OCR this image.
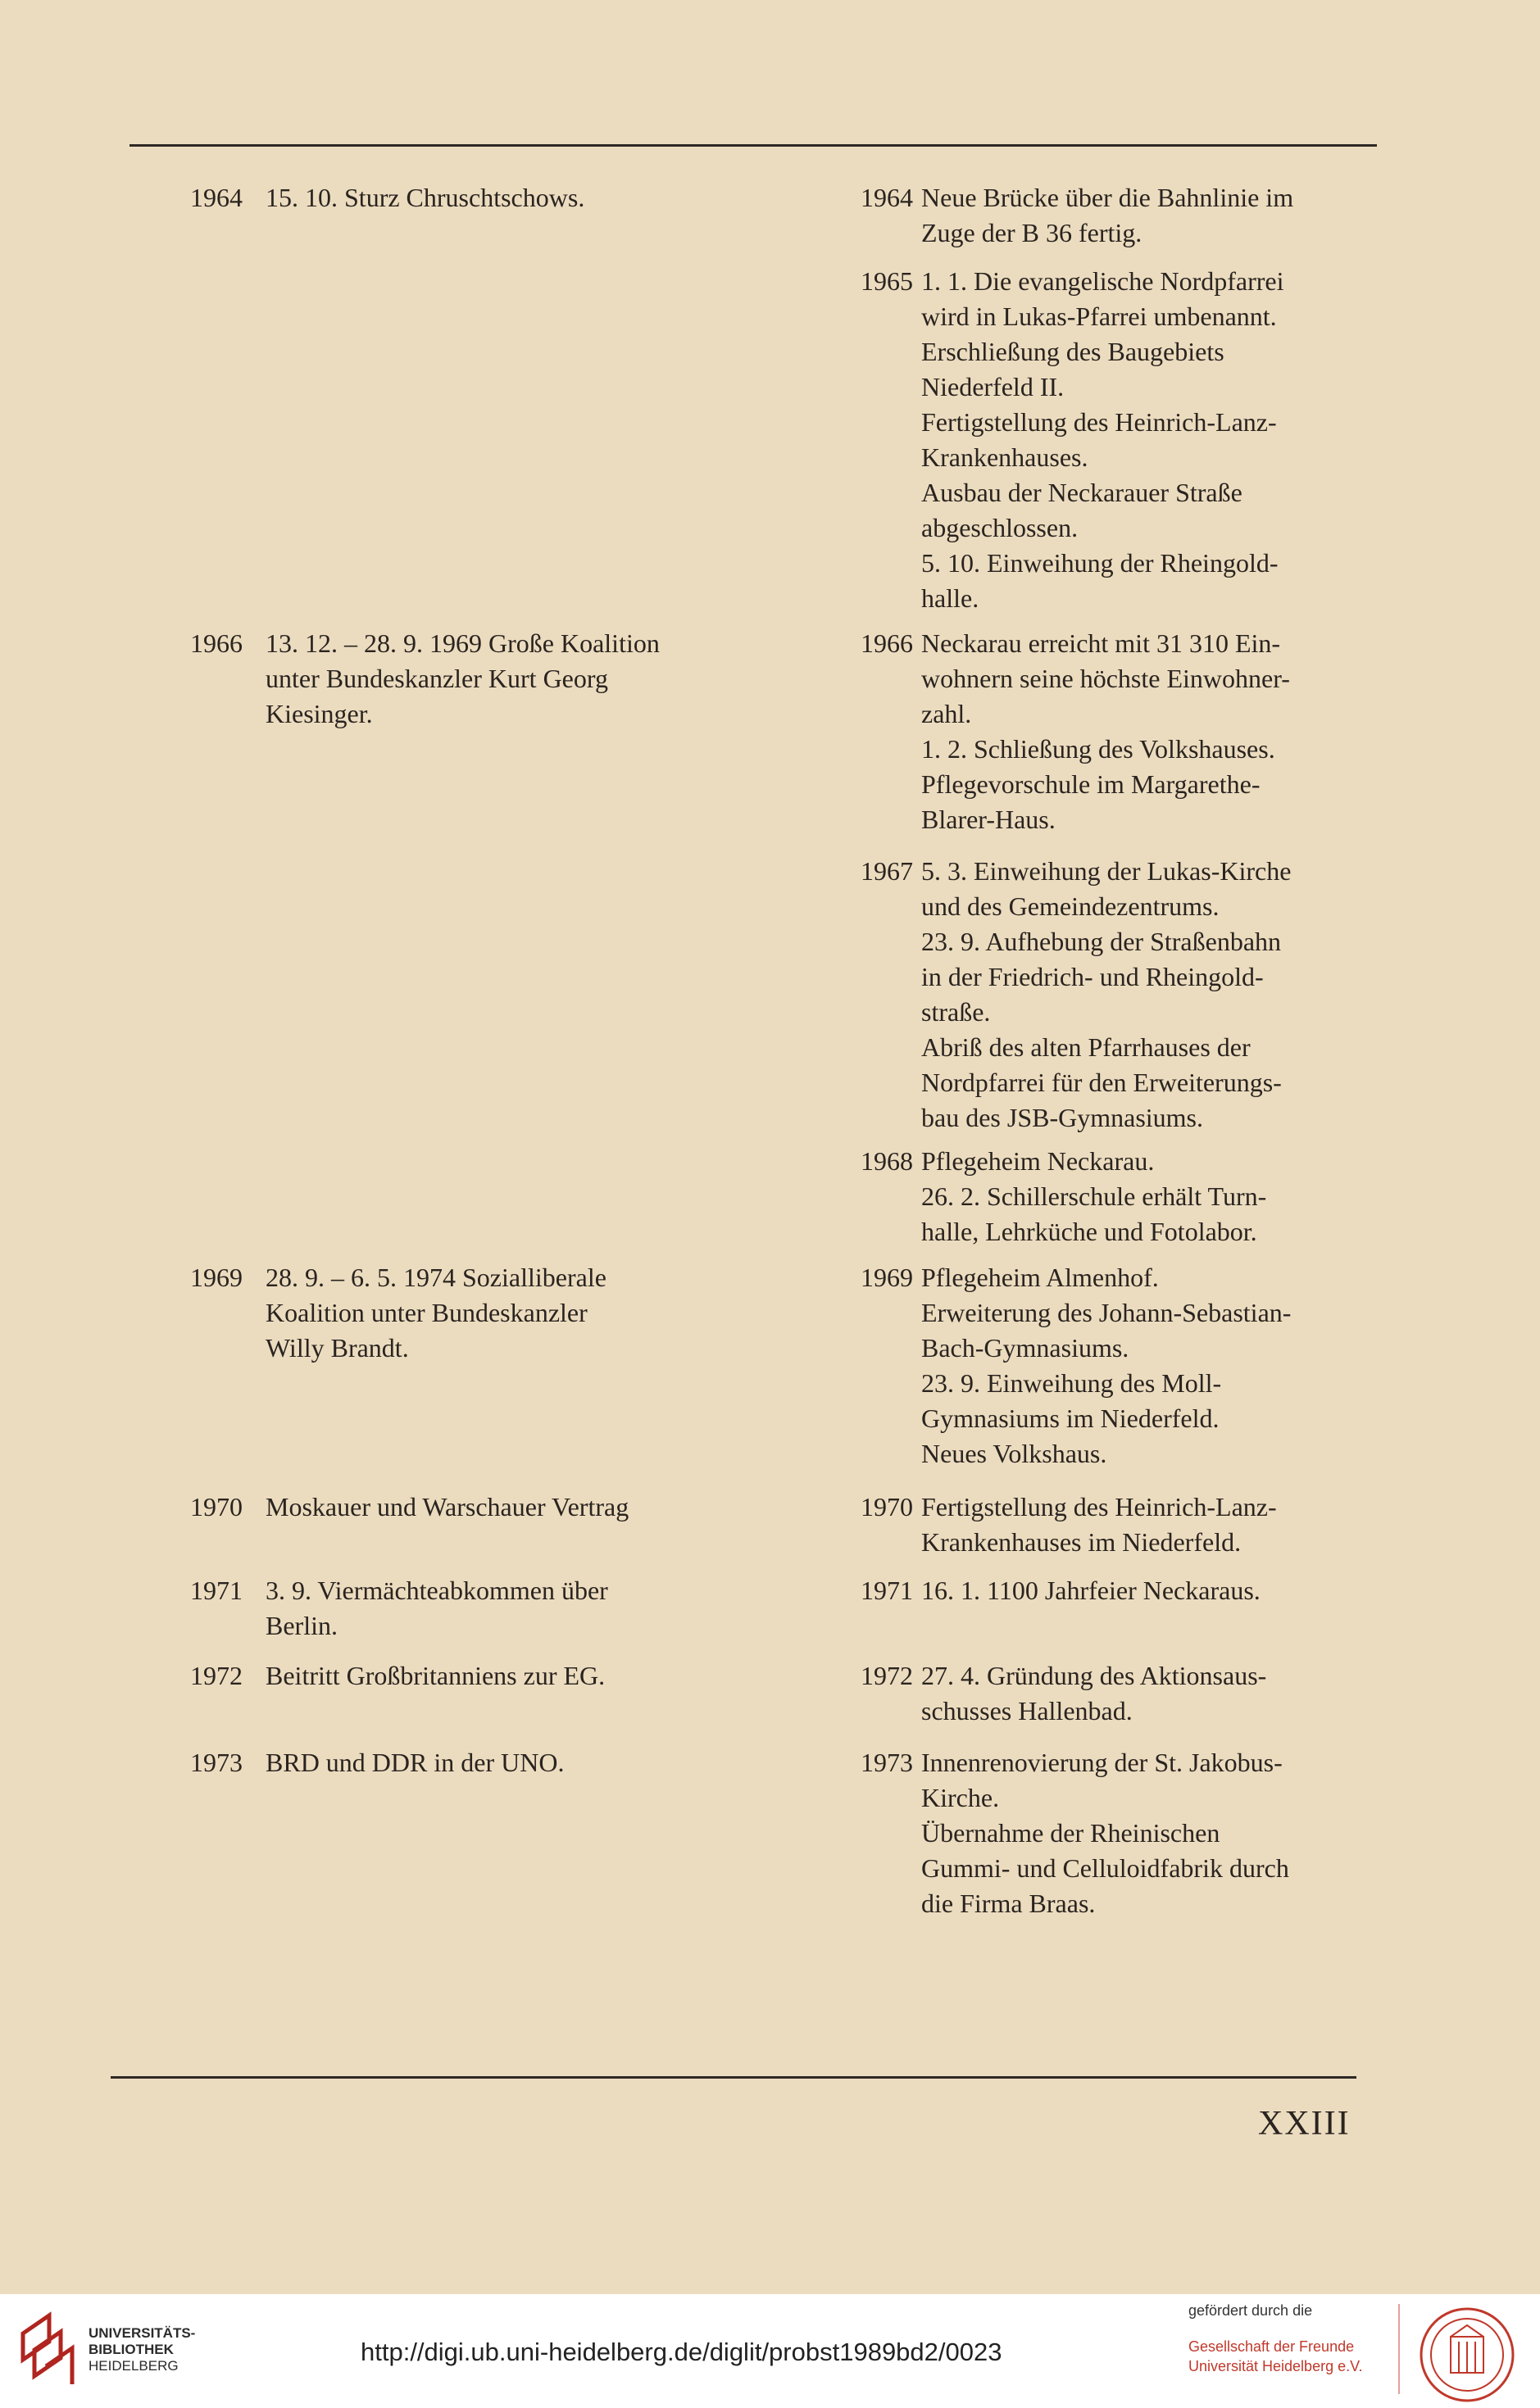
1964 15. 10. Sturz Chruschtschows.

1966 13. 12. – 28. 9. 1969 Große Koalition

unter Bundeskanzler Kurt Georg

Kiesinger.

1969 28. 9. – 6. 5. 1974 Sozialliberale

Koalition unter Bundeskanzler

Willy Brandt.

1970 Moskauer und Warschauer Vertrag

1971 3. 9. Viermächteabkommen über

Berlin.

1972 Beitritt Großbritanniens zur EG.

1973 BRD und DDR in der UNO.

1964 Neue Brücke über die Bahnlinie im

Zuge der B 36 fertig.

1965 1. 1. Die evangelische Nordpfarrei

wird in Lukas-Pfarrei umbenannt.

Erschließung des Baugebiets

Niederfeld II.

Fertigstellung des Heinrich-Lanz-

Krankenhauses.

Ausbau der Neckarauer Straße

abgeschlossen.

5. 10. Einweihung der Rheingold-

halle.

1966 Neckarau erreicht mit 31 310 Ein-

wohnern seine höchste Einwohner-

zahl.

1. 2. Schließung des Volkshauses.

Pflegevorschule im Margarethe-

Blarer-Haus.

1967 5. 3. Einweihung der Lukas-Kirche

und des Gemeindezentrums.

23. 9. Aufhebung der Straßenbahn

in der Friedrich- und Rheingold-

straße.

Abriß des alten Pfarrhauses der

Nordpfarrei für den Erweiterungs-

bau des JSB-Gymnasiums.

1968 Pflegeheim Neckarau.

26. 2. Schillerschule erhält Turn-

halle, Lehrküche und Fotolabor.

1969 Pflegeheim Almenhof.

Erweiterung des Johann-Sebastian-

Bach-Gymnasiums.

23. 9. Einweihung des Moll-

Gymnasiums im Niederfeld.

Neues Volkshaus.

1970 Fertigstellung des Heinrich-Lanz-

Krankenhauses im Niederfeld.

1971 16. 1. 1100 Jahrfeier Neckaraus.

1972 27. 4. Gründung des Aktionsaus-

schusses Hallenbad.

1973 Innenrenovierung der St. Jakobus-

Kirche.

Übernahme der Rheinischen

Gummi- und Celluloidfabrik durch

die Firma Braas.

XXIII
UNIVERSITÄTS-
BIBLIOTHEK
HEIDELBERG	http://digi.ub.uni-heidelberg.de/diglit/probst1989bd2/0023
gefördert durch die
Gesellschaft der Freunde
Universität Heidelberg e.V.
